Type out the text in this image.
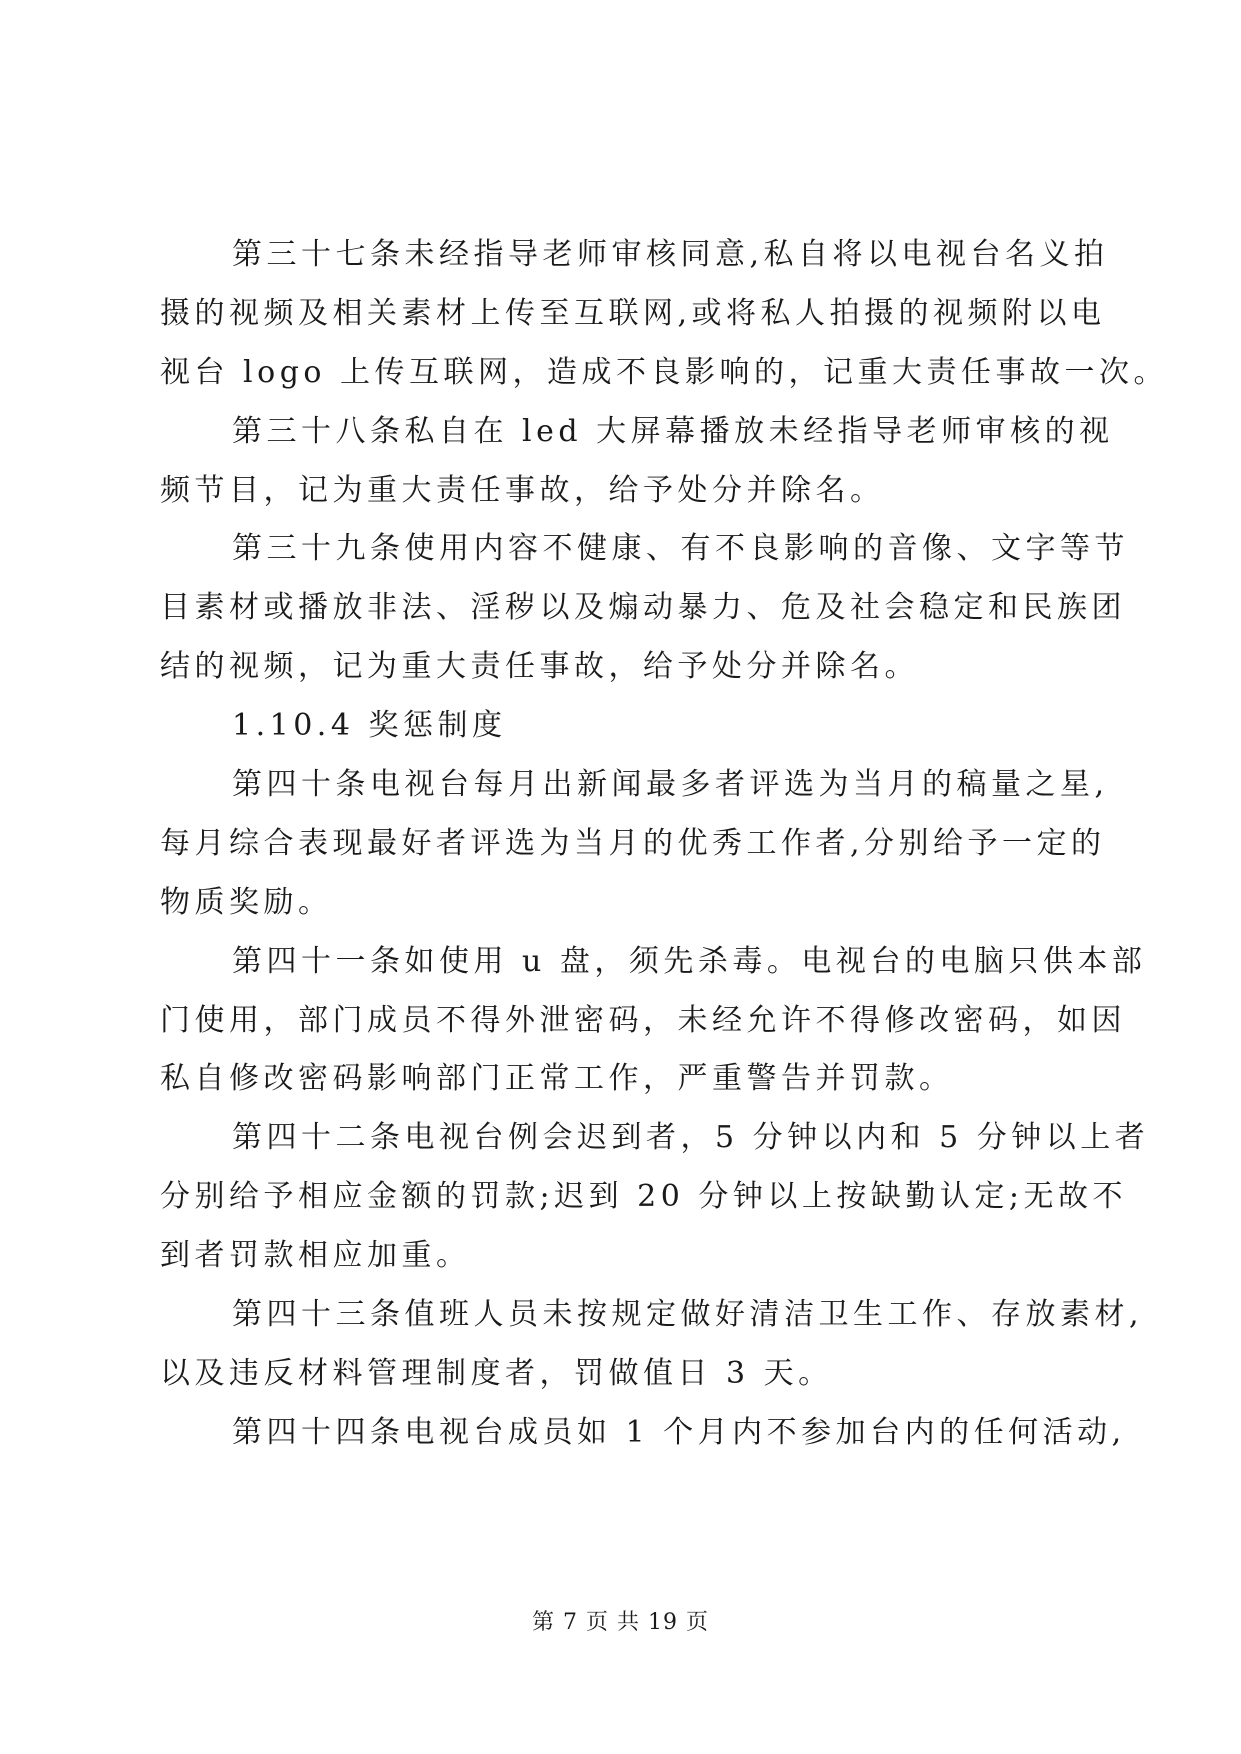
第三十七条未经指导老师审核同意,私自将以电视台名义拍
摄的视频及相关素材上传至互联网,或将私人拍摄的视频附以电
视台 logo 上传互联网，造成不良影响的，记重大责任事故一次。
第三十八条私自在 led 大屏幕播放未经指导老师审核的视
频节目，记为重大责任事故，给予处分并除名。
第三十九条使用内容不健康、有不良影响的音像、文字等节
目素材或播放非法、淫秽以及煽动暴力、危及社会稳定和民族团
结的视频，记为重大责任事故，给予处分并除名。
1.10.4 奖惩制度
第四十条电视台每月出新闻最多者评选为当月的稿量之星,
每月综合表现最好者评选为当月的优秀工作者,分别给予一定的
物质奖励。
第四十一条如使用 u 盘，须先杀毒。电视台的电脑只供本部
门使用，部门成员不得外泄密码，未经允许不得修改密码，如因
私自修改密码影响部门正常工作，严重警告并罚款。
第四十二条电视台例会迟到者，5 分钟以内和 5 分钟以上者
分别给予相应金额的罚款;迟到 20 分钟以上按缺勤认定;无故不
到者罚款相应加重。
第四十三条值班人员未按规定做好清洁卫生工作、存放素材,
以及违反材料管理制度者，罚做值日 3 天。
第四十四条电视台成员如 1 个月内不参加台内的任何活动,
第 7 页 共 19 页
